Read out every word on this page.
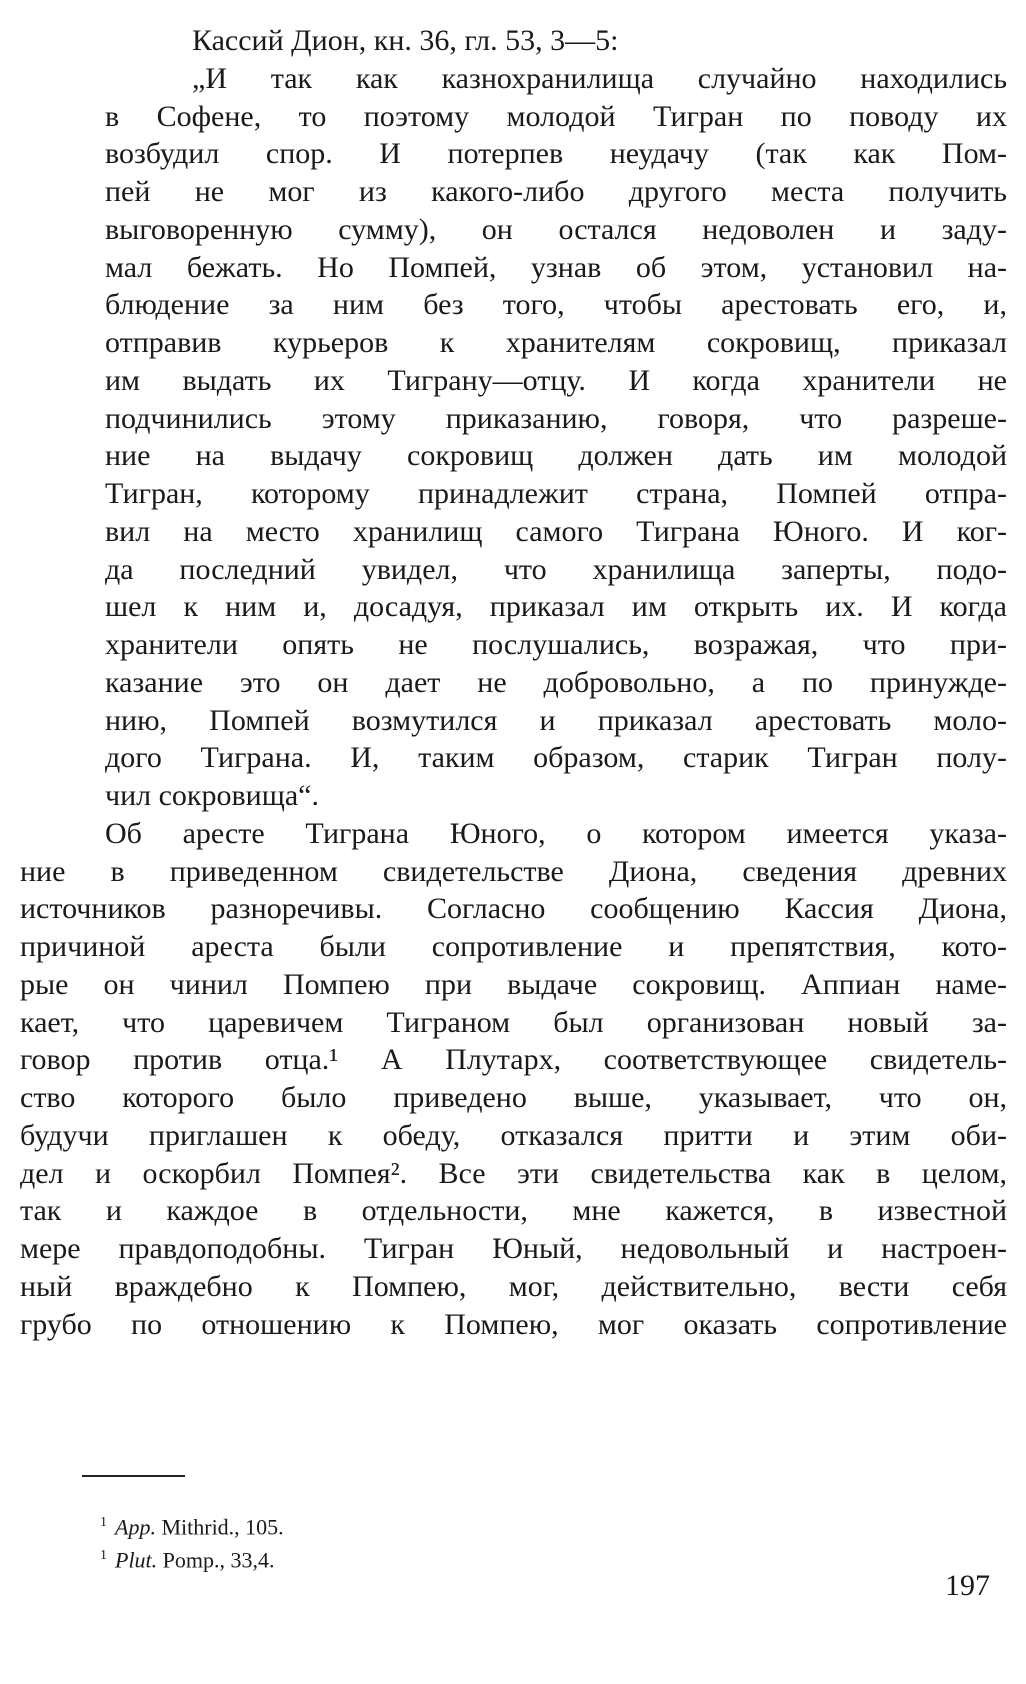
Кассий Дион, кн. 36, гл. 53, 3—5:

„И так как казнохранилища случайно находились

в Софене, то поэтому молодой Тигран по поводу их

возбудил спор. И потерпев неудачу (так как Пом-

пей не мог из какого-либо другого места получить

выговоренную сумму), он остался недоволен и заду-

мал бежать. Но Помпей, узнав об этом, установил на-

блюдение за ним без того, чтобы арестовать его, и,

отправив курьеров к хранителям сокровищ, приказал

им выдать их Тиграну—отцу. И когда хранители не

подчинились этому приказанию, говоря, что разреше-

ние на выдачу сокровищ должен дать им молодой

Тигран, которому принадлежит страна, Помпей отпра-

вил на место хранилищ самого Тиграна Юного. И ког-

да последний увидел, что хранилища заперты, подо-

шел к ним и, досадуя, приказал им открыть их. И когда

хранители опять не послушались, возражая, что при-

казание это он дает не добровольно, а по принужде-

нию, Помпей возмутился и приказал арестовать моло-

дого Тиграна. И, таким образом, старик Тигран полу-

чил сокровища“.

Об аресте Тиграна Юного, о котором имеется указа-

ние в приведенном свидетельстве Диона, сведения древних

источников разноречивы. Согласно сообщению Кассия Диона,

причиной ареста были сопротивление и препятствия, кото-

рые он чинил Помпею при выдаче сокровищ. Аппиан наме-

кает, что царевичем Тиграном был организован новый за-

говор против отца.¹ А Плутарх, соответствующее свидетель-

ство которого было приведено выше, указывает, что он,

будучи приглашен к обеду, отказался притти и этим оби-

дел и оскорбил Помпея². Все эти свидетельства как в целом,

так и каждое в отдельности, мне кажется, в известной

мере правдоподобны. Тигран Юный, недовольный и настроен-

ный враждебно к Помпею, мог, действительно, вести себя

грубо по отношению к Помпею, мог оказать сопротивление

$^1$ App. Mithrid., 105.

$^1$ Plut. Pomp., 33,4.

197
